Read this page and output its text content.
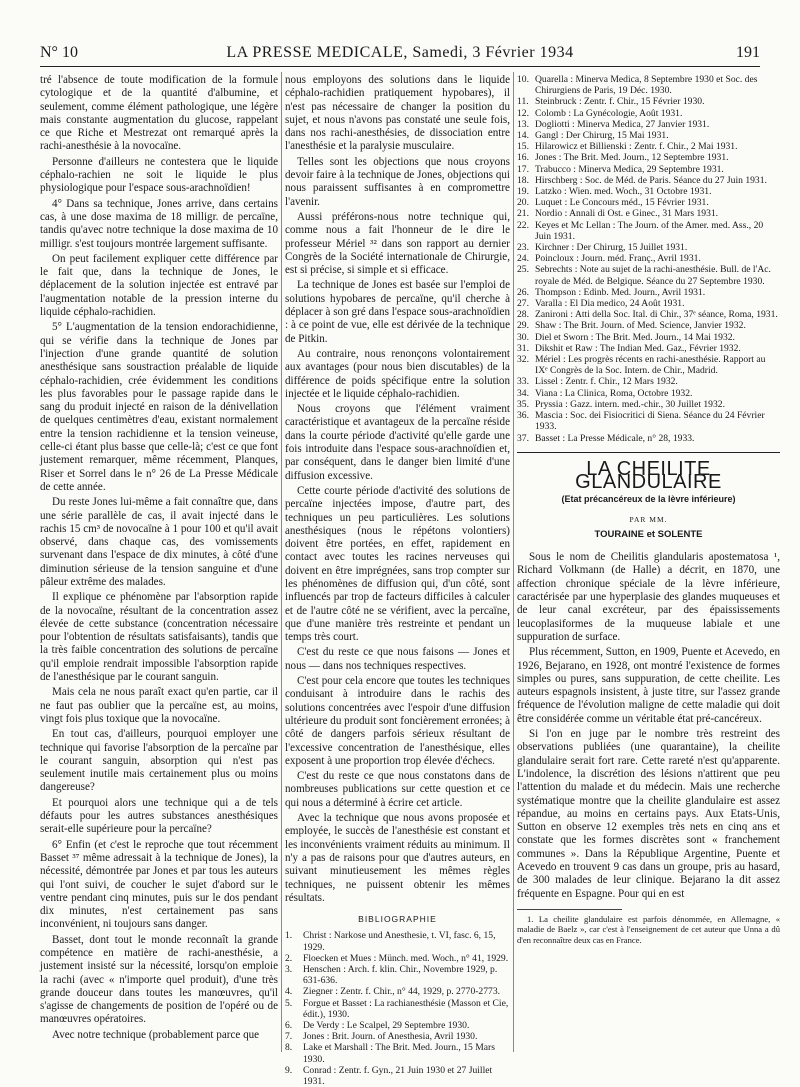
N° 10	LA PRESSE MEDICALE, Samedi, 3 Février 1934	191

tré l'absence de toute modification de la formule cytologique et de la quantité d'albumine, et seulement, comme élément pathologique, une légère mais constante augmentation du glucose, rappelant ce que Riche et Mestrezat ont remarqué après la rachi-anesthésie à la novocaïne.

Personne d'ailleurs ne contestera que le liquide céphalo-rachien ne soit le liquide le plus physiologique pour l'espace sous-arachnoïdien!

4° Dans sa technique, Jones arrive, dans certains cas, à une dose maxima de 18 milligr. de percaïne, tandis qu'avec notre technique la dose maxima de 10 milligr. s'est toujours montrée largement suffisante.

On peut facilement expliquer cette différence par le fait que, dans la technique de Jones, le déplacement de la solution injectée est entravé par l'augmentation notable de la pression interne du liquide céphalo-rachidien.

5° L'augmentation de la tension endorachidienne, qui se vérifie dans la technique de Jones par l'injection d'une grande quantité de solution anesthésique sans soustraction préalable de liquide céphalo-rachidien, crée évidemment les conditions les plus favorables pour le passage rapide dans le sang du produit injecté en raison de la dénivellation de quelques centimètres d'eau, existant normalement entre la tension rachidienne et la tension veineuse, celle-ci étant plus basse que celle-là; c'est ce que font justement remarquer, même récemment, Planques, Riser et Sorrel dans le n° 26 de La Presse Médicale de cette année.

Du reste Jones lui-même a fait connaître que, dans une série parallèle de cas, il avait injecté dans le rachis 15 cm³ de novocaïne à 1 pour 100 et qu'il avait observé, dans chaque cas, des vomissements survenant dans l'espace de dix minutes, à côté d'une diminution sérieuse de la tension sanguine et d'une pâleur extrême des malades.

Il explique ce phénomène par l'absorption rapide de la novocaïne, résultant de la concentration assez élevée de cette substance (concentration nécessaire pour l'obtention de résultats satisfaisants), tandis que la très faible concentration des solutions de percaïne qu'il emploie rendrait impossible l'absorption rapide de l'anesthésique par le courant sanguin.

Mais cela ne nous paraît exact qu'en partie, car il ne faut pas oublier que la percaïne est, au moins, vingt fois plus toxique que la novocaïne.

En tout cas, d'ailleurs, pourquoi employer une technique qui favorise l'absorption de la percaïne par le courant sanguin, absorption qui n'est pas seulement inutile mais certainement plus ou moins dangereuse?

Et pourquoi alors une technique qui a de tels défauts pour les autres substances anesthésiques serait-elle supérieure pour la percaïne?

6° Enfin (et c'est le reproche que tout récemment Basset ³⁷ même adressait à la technique de Jones), la nécessité, démontrée par Jones et par tous les auteurs qui l'ont suivi, de coucher le sujet d'abord sur le ventre pendant cinq minutes, puis sur le dos pendant dix minutes, n'est certainement pas sans inconvénient, ni toujours sans danger.

Basset, dont tout le monde reconnaît la grande compétence en matière de rachi-anesthésie, a justement insisté sur la nécessité, lorsqu'on emploie la rachi (avec « n'importe quel produit), d'une très grande douceur dans toutes les manœuvres, qu'il s'agisse de changements de position de l'opéré ou de manœuvres opératoires.

Avec notre technique (probablement parce que

nous employons des solutions dans le liquide céphalo-rachidien pratiquement hypobares), il n'est pas nécessaire de changer la position du sujet, et nous n'avons pas constaté une seule fois, dans nos rachi-anesthésies, de dissociation entre l'anesthésie et la paralysie musculaire.

Telles sont les objections que nous croyons devoir faire à la technique de Jones, objections qui nous paraissent suffisantes à en compromettre l'avenir.

Aussi préférons-nous notre technique qui, comme nous a fait l'honneur de le dire le professeur Mériel ³² dans son rapport au dernier Congrès de la Société internationale de Chirurgie, est si précise, si simple et si efficace.

La technique de Jones est basée sur l'emploi de solutions hypobares de percaïne, qu'il cherche à déplacer à son gré dans l'espace sous-arachnoïdien : à ce point de vue, elle est dérivée de la technique de Pitkin.

Au contraire, nous renonçons volontairement aux avantages (pour nous bien discutables) de la différence de poids spécifique entre la solution injectée et le liquide céphalo-rachidien.

Nous croyons que l'élément vraiment caractéristique et avantageux de la percaïne réside dans la courte période d'activité qu'elle garde une fois introduite dans l'espace sous-arachnoïdien et, par conséquent, dans le danger bien limité d'une diffusion excessive.

Cette courte période d'activité des solutions de percaïne injectées impose, d'autre part, des techniques un peu particulières. Les solutions anesthésiques (nous le répétons volontiers) doivent être portées, en effet, rapidement en contact avec toutes les racines nerveuses qui doivent en être imprégnées, sans trop compter sur les phénomènes de diffusion qui, d'un côté, sont influencés par trop de facteurs difficiles à calculer et de l'autre côté ne se vérifient, avec la percaïne, que d'une manière très restreinte et pendant un temps très court.

C'est du reste ce que nous faisons — Jones et nous — dans nos techniques respectives.

C'est pour cela encore que toutes les techniques conduisant à introduire dans le rachis des solutions concentrées avec l'espoir d'une diffusion ultérieure du produit sont foncièrement erronées; à côté de dangers parfois sérieux résultant de l'excessive concentration de l'anesthésique, elles exposent à une proportion trop élevée d'échecs.

C'est du reste ce que nous constatons dans de nombreuses publications sur cette question et ce qui nous a déterminé à écrire cet article.

Avec la technique que nous avons proposée et employée, le succès de l'anesthésie est constant et les inconvénients vraiment réduits au minimum. Il n'y a pas de raisons pour que d'autres auteurs, en suivant minutieusement les mêmes règles techniques, ne puissent obtenir les mêmes résultats.

BIBLIOGRAPHIE
1. Christ : Narkose und Anesthesie, t. VI, fasc. 6, 15, 1929.
2. Floecken et Mues : Münch. med. Woch., n° 41, 1929.
3. Henschen : Arch. f. klin. Chir., Novembre 1929, p. 631-636.
4. Ziegner : Zentr. f. Chir., n° 44, 1929, p. 2770-2773.
5. Forgue et Basset : La rachianesthésie (Masson et Cie, édit.), 1930.
6. De Verdy : Le Scalpel, 29 Septembre 1930.
7. Jones : Brit. Journ. of Anesthesia, Avril 1930.
8. Lake et Marshall : The Brit. Med. Journ., 15 Mars 1930.
9. Conrad : Zentr. f. Gyn., 21 Juin 1930 et 27 Juillet 1931.
10. Quarella : Minerva Medica, 8 Septembre 1930 et Soc. des Chirurgiens de Paris, 19 Déc. 1930.
11. Steinbruck : Zentr. f. Chir., 15 Février 1930.
12. Colomb : La Gynécologie, Août 1931.
13. Dogliotti : Minerva Medica, 27 Janvier 1931.
14. Gangl : Der Chirurg, 15 Mai 1931.
15. Hilarowicz et Billienski : Zentr. f. Chir., 2 Mai 1931.
16. Jones : The Brit. Med. Journ., 12 Septembre 1931.
17. Trabucco : Minerva Medica, 29 Septembre 1931.
18. Hirschberg : Soc. de Méd. de Paris. Séance du 27 Juin 1931.
19. Latzko : Wien. med. Woch., 31 Octobre 1931.
20. Luquet : Le Concours méd., 15 Février 1931.
21. Nordio : Annali di Ost. e Ginec., 31 Mars 1931.
22. Keyes et Mc Lellan : The Journ. of the Amer. med. Ass., 20 Juin 1931.
23. Kirchner : Der Chirurg, 15 Juillet 1931.
24. Poincloux : Journ. méd. Franç., Avril 1931.
25. Sebrechts : Note au sujet de la rachi-anesthésie. Bull. de l'Ac. royale de Méd. de Belgique. Séance du 27 Septembre 1930.
26. Thompson : Edinb. Med. Journ., Avril 1931.
27. Varalla : El Dia medico, 24 Août 1931.
28. Zanironi : Atti della Soc. Ital. di Chir., 37ᵉ séance, Roma, 1931.
29. Shaw : The Brit. Journ. of Med. Science, Janvier 1932.
30. Diel et Sworn : The Brit. Med. Journ., 14 Mai 1932.
31. Dikshit et Raw : The Indian Med. Gaz., Février 1932.
32. Mériel : Les progrès récents en rachi-anesthésie. Rapport au IXᵉ Congrès de la Soc. Intern. de Chir., Madrid.
33. Lissel : Zentr. f. Chir., 12 Mars 1932.
34. Viana : La Clinica, Roma, Octobre 1932.
35. Pryssia : Gazz. intern. med.-chir., 30 Juillet 1932.
36. Mascia : Soc. dei Fisiocritici di Siena. Séance du 24 Février 1933.
37. Basset : La Presse Médicale, n° 28, 1933.
LA CHEILITE GLANDULAIRE
(Etat précancéreux de la lèvre inférieure)
PAR MM.
TOURAINE et SOLENTE

Sous le nom de Cheilitis glandularis apostematosa ¹, Richard Volkmann (de Halle) a décrit, en 1870, une affection chronique spéciale de la lèvre inférieure, caractérisée par une hyperplasie des glandes muqueuses et de leur canal excréteur, par des épaississements leucoplasiformes de la muqueuse labiale et une suppuration de surface.

Plus récemment, Sutton, en 1909, Puente et Acevedo, en 1926, Bejarano, en 1928, ont montré l'existence de formes simples ou pures, sans suppuration, de cette cheilite. Les auteurs espagnols insistent, à juste titre, sur l'assez grande fréquence de l'évolution maligne de cette maladie qui doit être considérée comme un véritable état pré-cancéreux.

Si l'on en juge par le nombre très restreint des observations publiées (une quarantaine), la cheilite glandulaire serait fort rare. Cette rareté n'est qu'apparente. L'indolence, la discrétion des lésions n'attirent que peu l'attention du malade et du médecin. Mais une recherche systématique montre que la cheilite glandulaire est assez répandue, au moins en certains pays. Aux Etats-Unis, Sutton en observe 12 exemples très nets en cinq ans et constate que les formes discrètes sont « franchement communes ». Dans la République Argentine, Puente et Acevedo en trouvent 9 cas dans un groupe, pris au hasard, de 300 malades de leur clinique. Bejarano la dit assez fréquente en Espagne. Pour qui en est

1. La cheilite glandulaire est parfois dénommée, en Allemagne, « maladie de Baelz », car c'est à l'enseignement de cet auteur que Unna a dû d'en reconnaître deux cas en France.
